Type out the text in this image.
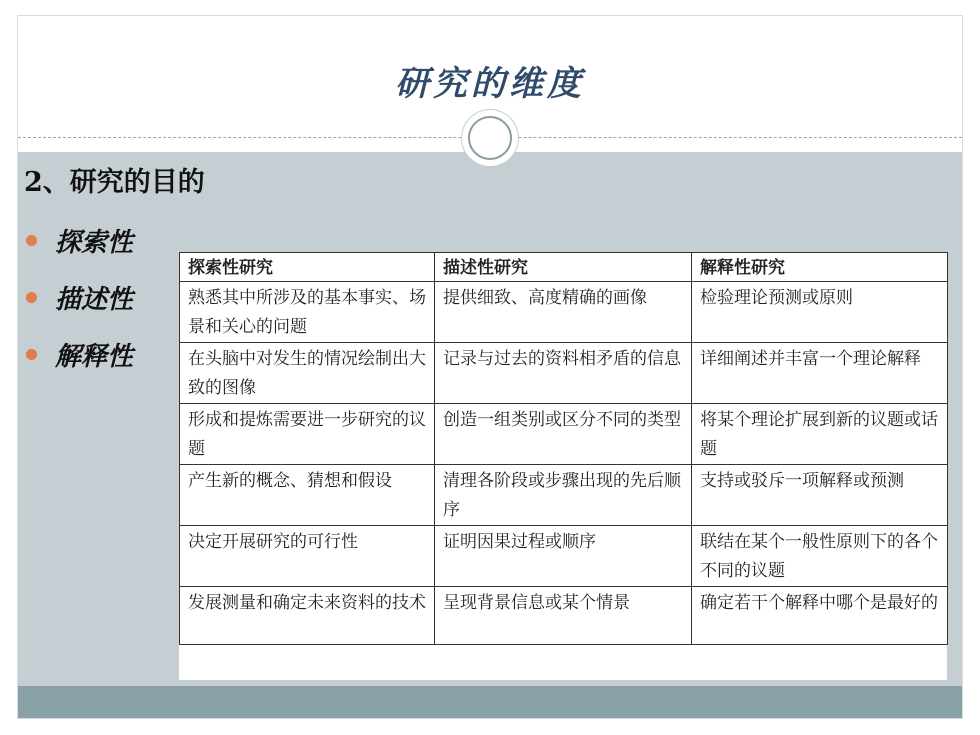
研究的维度
2、研究的目的
探索性
描述性
解释性
探索性研究	描述性研究	解释性研究
熟悉其中所涉及的基本事实、场景和关心的问题	提供细致、高度精确的画像	检验理论预测或原则
在头脑中对发生的情况绘制出大致的图像	记录与过去的资料相矛盾的信息	详细阐述并丰富一个理论解释
形成和提炼需要进一步研究的议题	创造一组类别或区分不同的类型	将某个理论扩展到新的议题或话题
产生新的概念、猜想和假设	清理各阶段或步骤出现的先后顺序	支持或驳斥一项解释或预测
决定开展研究的可行性	证明因果过程或顺序	联结在某个一般性原则下的各个不同的议题
发展测量和确定未来资料的技术	呈现背景信息或某个情景	确定若干个解释中哪个是最好的
